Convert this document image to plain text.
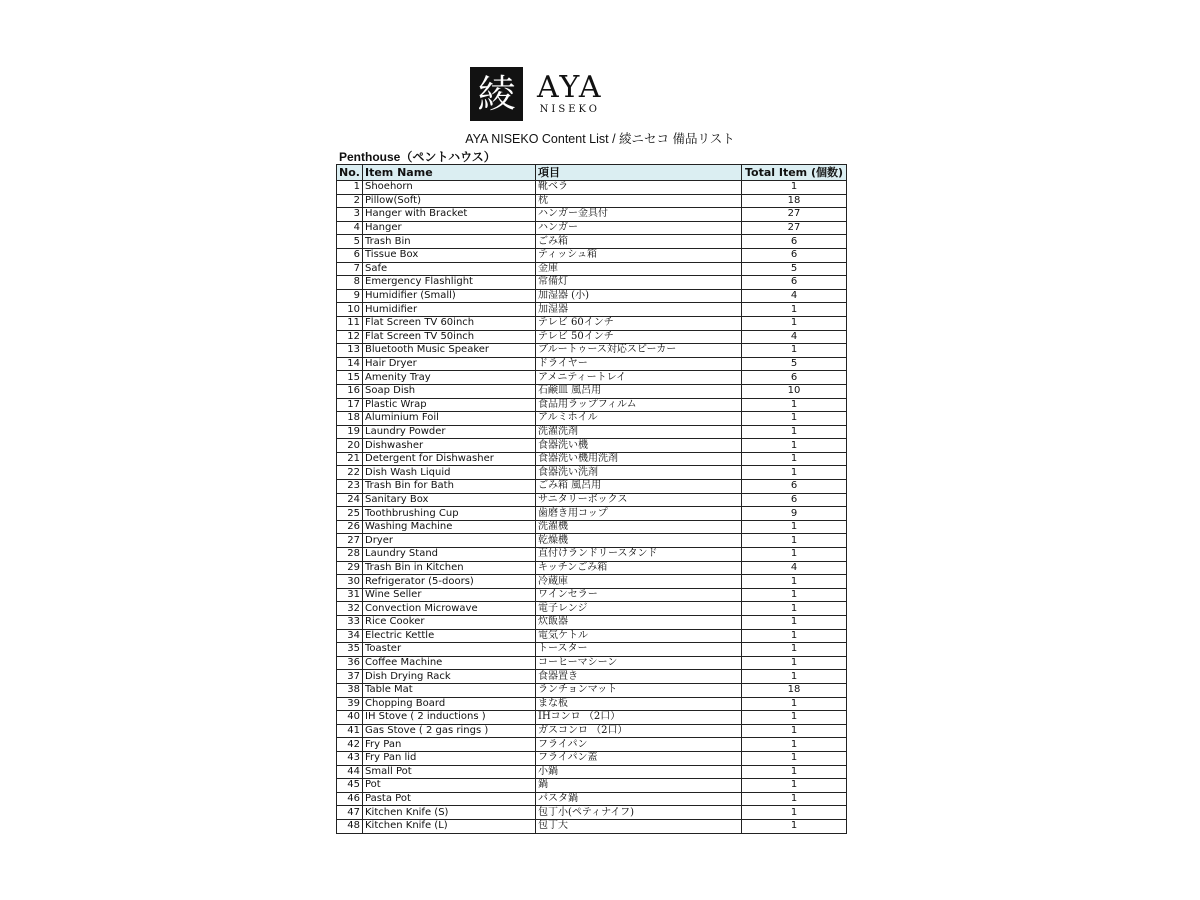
綾 AYA
NISEKO
AYA NISEKO Content List / 綾ニセコ 備品リスト
Penthouse（ペントハウス）
No.	Item Name	項目	Total Item (個数)
1	Shoehorn	靴ベラ	1
2	Pillow(Soft)	枕	18
3	Hanger with Bracket	ハンガー金具付	27
4	Hanger	ハンガー	27
5	Trash Bin	ごみ箱	6
6	Tissue Box	ティッシュ箱	6
7	Safe	金庫	5
8	Emergency Flashlight	常備灯	6
9	Humidifier (Small)	加湿器 (小)	4
10	Humidifier	加湿器	1
11	Flat Screen TV 60inch	テレビ 60インチ	1
12	Flat Screen TV 50inch	テレビ 50インチ	4
13	Bluetooth Music Speaker	ブルートゥース対応スピーカー	1
14	Hair Dryer	ドライヤー	5
15	Amenity Tray	アメニティートレイ	6
16	Soap Dish	石鹸皿 風呂用	10
17	Plastic Wrap	食品用ラップフィルム	1
18	Aluminium Foil	アルミホイル	1
19	Laundry Powder	洗濯洗剤	1
20	Dishwasher	食器洗い機	1
21	Detergent for Dishwasher	食器洗い機用洗剤	1
22	Dish Wash Liquid	食器洗い洗剤	1
23	Trash Bin for Bath	ごみ箱 風呂用	6
24	Sanitary Box	サニタリーボックス	6
25	Toothbrushing Cup	歯磨き用コップ	9
26	Washing Machine	洗濯機	1
27	Dryer	乾燥機	1
28	Laundry Stand	直付けランドリースタンド	1
29	Trash Bin in Kitchen	キッチンごみ箱	4
30	Refrigerator (5-doors)	冷蔵庫	1
31	Wine Seller	ワインセラー	1
32	Convection Microwave	電子レンジ	1
33	Rice Cooker	炊飯器	1
34	Electric Kettle	電気ケトル	1
35	Toaster	トースター	1
36	Coffee Machine	コーヒーマシーン	1
37	Dish Drying Rack	食器置き	1
38	Table Mat	ランチョンマット	18
39	Chopping Board	まな板	1
40	IH Stove ( 2 inductions )	IHコンロ （2口）	1
41	Gas Stove ( 2 gas rings )	ガスコンロ （2口）	1
42	Fry Pan	フライパン	1
43	Fry Pan lid	フライパン蓋	1
44	Small Pot	小鍋	1
45	Pot	鍋	1
46	Pasta Pot	パスタ鍋	1
47	Kitchen Knife (S)	包丁小(ペティナイフ)	1
48	Kitchen Knife (L)	包丁大	1
